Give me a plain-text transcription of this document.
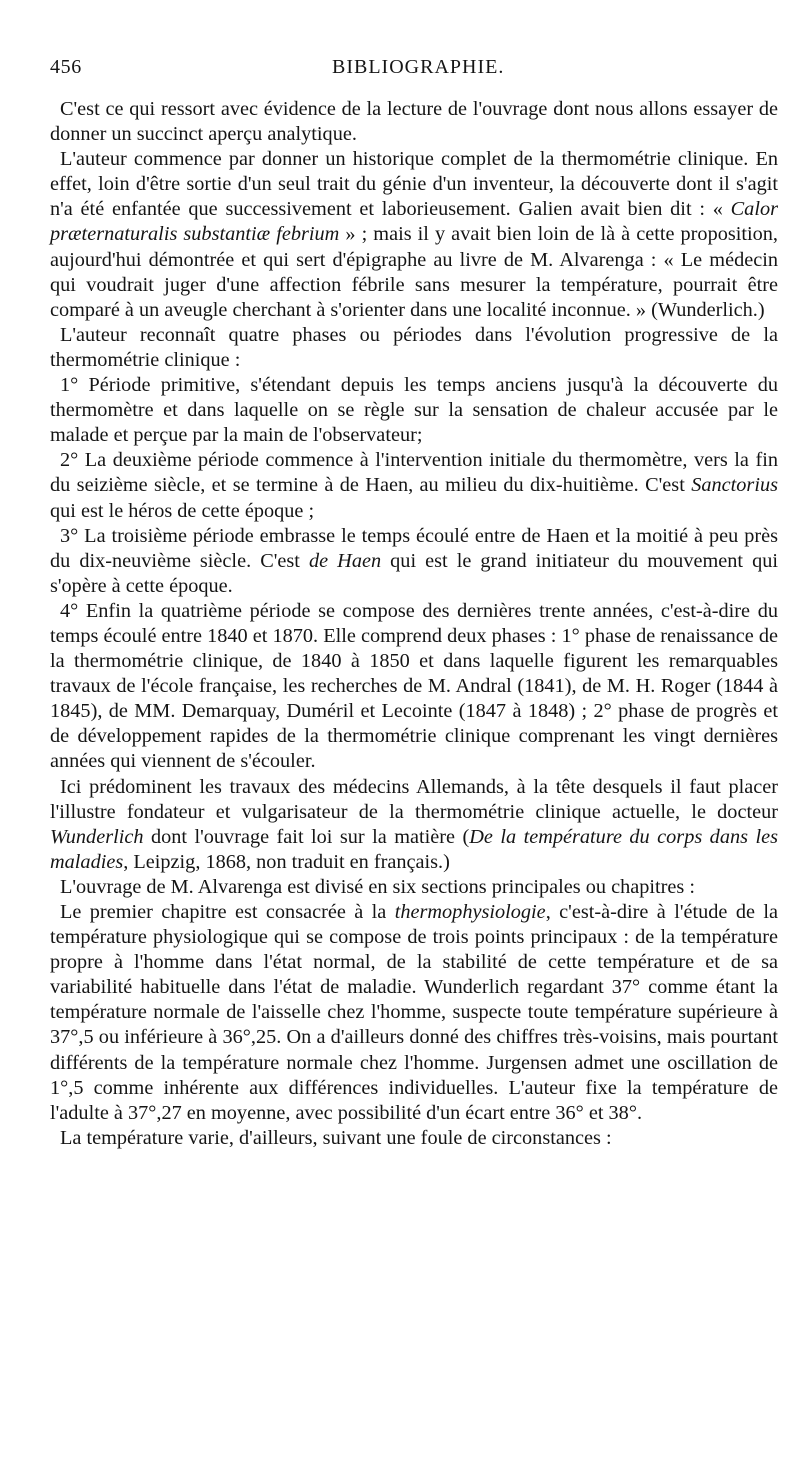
456	BIBLIOGRAPHIE.

C'est ce qui ressort avec évidence de la lecture de l'ouvrage dont nous allons essayer de donner un succinct aperçu analytique.

L'auteur commence par donner un historique complet de la thermométrie clinique. En effet, loin d'être sortie d'un seul trait du génie d'un inventeur, la découverte dont il s'agit n'a été enfantée que successivement et laborieusement. Galien avait bien dit : « Calor præternaturalis substantiæ febrium » ; mais il y avait bien loin de là à cette proposition, aujourd'hui démontrée et qui sert d'épigraphe au livre de M. Alvarenga : « Le médecin qui voudrait juger d'une affection fébrile sans mesurer la température, pourrait être comparé à un aveugle cherchant à s'orienter dans une localité inconnue. » (Wunderlich.)

L'auteur reconnaît quatre phases ou périodes dans l'évolution progressive de la thermométrie clinique :

1° Période primitive, s'étendant depuis les temps anciens jusqu'à la découverte du thermomètre et dans laquelle on se règle sur la sensation de chaleur accusée par le malade et perçue par la main de l'observateur;

2° La deuxième période commence à l'intervention initiale du thermomètre, vers la fin du seizième siècle, et se termine à de Haen, au milieu du dix-huitième. C'est Sanctorius qui est le héros de cette époque ;

3° La troisième période embrasse le temps écoulé entre de Haen et la moitié à peu près du dix-neuvième siècle. C'est de Haen qui est le grand initiateur du mouvement qui s'opère à cette époque.

4° Enfin la quatrième période se compose des dernières trente années, c'est-à-dire du temps écoulé entre 1840 et 1870. Elle comprend deux phases : 1° phase de renaissance de la thermométrie clinique, de 1840 à 1850 et dans laquelle figurent les remarquables travaux de l'école française, les recherches de M. Andral (1841), de M. H. Roger (1844 à 1845), de MM. Demarquay, Duméril et Lecointe (1847 à 1848) ; 2° phase de progrès et de développement rapides de la thermométrie clinique comprenant les vingt dernières années qui viennent de s'écouler.

Ici prédominent les travaux des médecins Allemands, à la tête desquels il faut placer l'illustre fondateur et vulgarisateur de la thermométrie clinique actuelle, le docteur Wunderlich dont l'ouvrage fait loi sur la matière (De la température du corps dans les maladies, Leipzig, 1868, non traduit en français.)

L'ouvrage de M. Alvarenga est divisé en six sections principales ou chapitres :

Le premier chapitre est consacrée à la thermophysiologie, c'est-à-dire à l'étude de la température physiologique qui se compose de trois points principaux : de la température propre à l'homme dans l'état normal, de la stabilité de cette température et de sa variabilité habituelle dans l'état de maladie. Wunderlich regardant 37° comme étant la température normale de l'aisselle chez l'homme, suspecte toute température supérieure à 37°,5 ou inférieure à 36°,25. On a d'ailleurs donné des chiffres très-voisins, mais pourtant différents de la température normale chez l'homme. Jurgensen admet une oscillation de 1°,5 comme inhérente aux différences individuelles. L'auteur fixe la température de l'adulte à 37°,27 en moyenne, avec possibilité d'un écart entre 36° et 38°.

La température varie, d'ailleurs, suivant une foule de circonstances :
